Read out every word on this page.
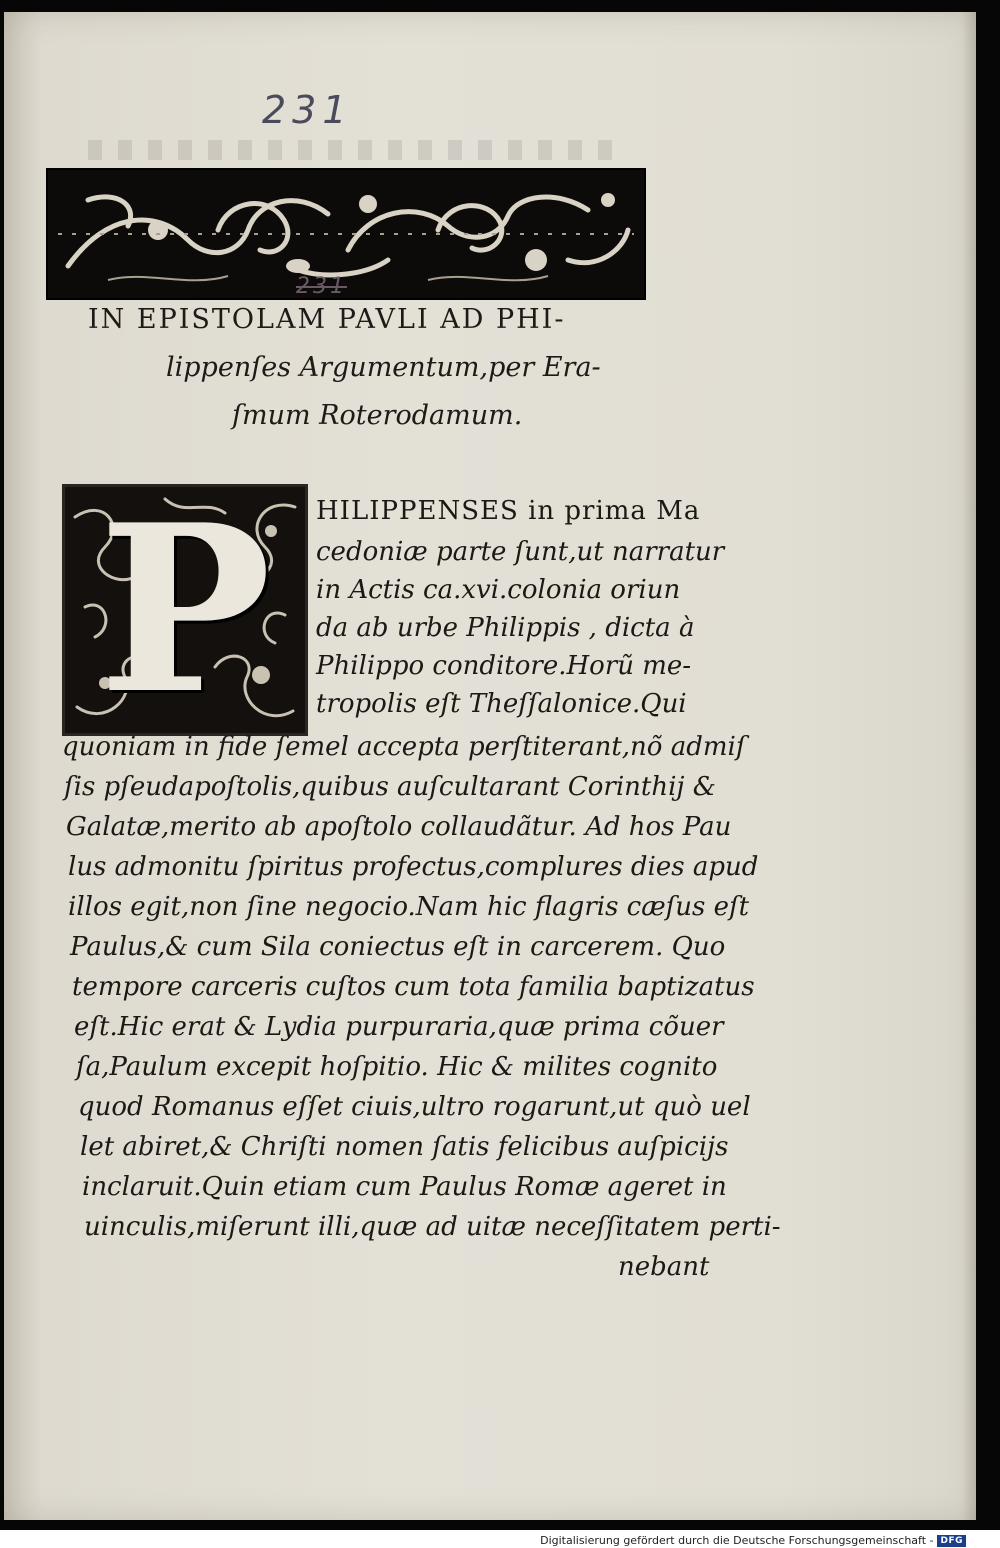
231
231
IN EPISTOLAM PAVLI AD PHI-
lippenſes Argumentum,per Era-
ſmum Roterodamum.
P	HILIPPENSES in prima Ma
cedoniæ parte ſunt,ut narratur
in Actis ca.xvi.colonia oriun
da ab urbe Philippis , dicta à
Philippo conditore.Horũ me-
tropolis eſt Theſſalonice.Qui
quoniam in fide ſemel accepta perſtiterant,nõ admiſ
ſis pſeudapoſtolis,quibus auſcultarant Corinthij &
Galatæ,merito ab apoſtolo collaudãtur. Ad hos Pau
lus admonitu ſpiritus profectus,complures dies apud
illos egit,non ſine negocio.Nam hic flagris cæſus eſt
Paulus,& cum Sila coniectus eſt in carcerem. Quo
tempore carceris cuſtos cum tota familia baptizatus
eſt.Hic erat & Lydia purpuraria,quæ prima cõuer
ſa,Paulum excepit hoſpitio. Hic & milites cognito
quod Romanus eſſet ciuis,ultro rogarunt,ut quò uel
let abiret,& Chriſti nomen ſatis felicibus auſpicijs
inclaruit.Quin etiam cum Paulus Romæ ageret in
uinculis,miſerunt illi,quæ ad uitæ neceſſitatem perti-
nebant
Digitalisierung gefördert durch die Deutsche Forschungsgemeinschaft - DFG
